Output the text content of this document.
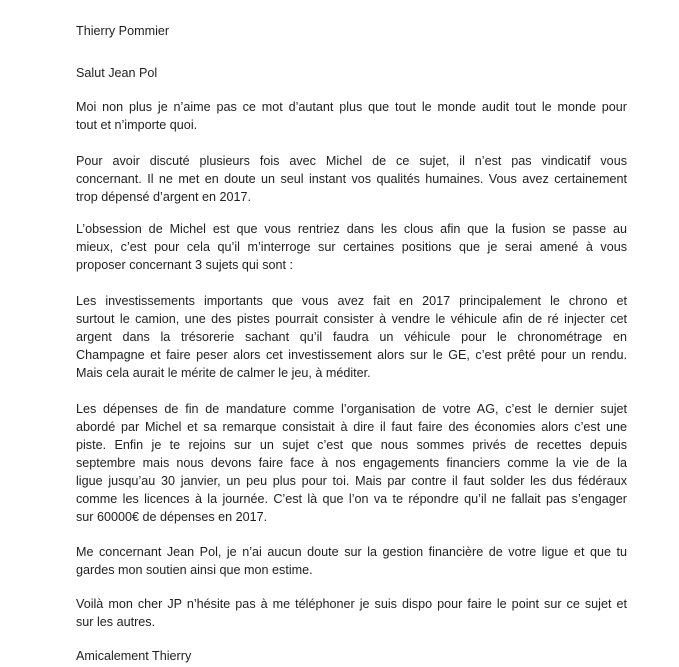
Thierry Pommier
Salut Jean Pol
Moi non plus je n’aime pas ce mot d’autant plus que tout le monde audit tout le monde pour
tout et n’importe quoi.
Pour avoir discuté plusieurs fois avec Michel de ce sujet, il n’est pas vindicatif vous
concernant. Il ne met en doute un seul instant vos qualités humaines. Vous avez certainement
trop dépensé d’argent en 2017.
L’obsession de Michel est que vous rentriez dans les clous afin que la fusion se passe au
mieux, c’est pour cela qu’il m’interroge sur certaines positions que je serai amené à vous
proposer concernant 3 sujets qui sont :
Les investissements importants que vous avez fait en 2017 principalement le chrono et
surtout le camion, une des pistes pourrait consister à vendre le véhicule afin de ré injecter cet
argent dans la trésorerie sachant qu’il faudra un véhicule pour le chronométrage en
Champagne et faire peser alors cet investissement alors sur le GE, c’est prêté pour un rendu.
Mais cela aurait le mérite de calmer le jeu, à méditer.
Les dépenses de fin de mandature comme l’organisation de votre AG, c’est le dernier sujet
abordé par Michel et sa remarque consistait à dire il faut faire des économies alors c’est une
piste. Enfin je te rejoins sur un sujet c’est que nous sommes privés de recettes depuis
septembre mais nous devons faire face à nos engagements financiers comme la vie de la
ligue jusqu’au 30 janvier, un peu plus pour toi. Mais par contre il faut solder les dus fédéraux
comme les licences à la journée. C’est là que l’on va te répondre qu’il ne fallait pas s’engager
sur 60000€ de dépenses en 2017.
Me concernant Jean Pol, je n’ai aucun doute sur la gestion financière de votre ligue et que tu
gardes mon soutien ainsi que mon estime.
Voilà mon cher JP n’hésite pas à me téléphoner je suis dispo pour faire le point sur ce sujet et
sur les autres.
Amicalement Thierry
